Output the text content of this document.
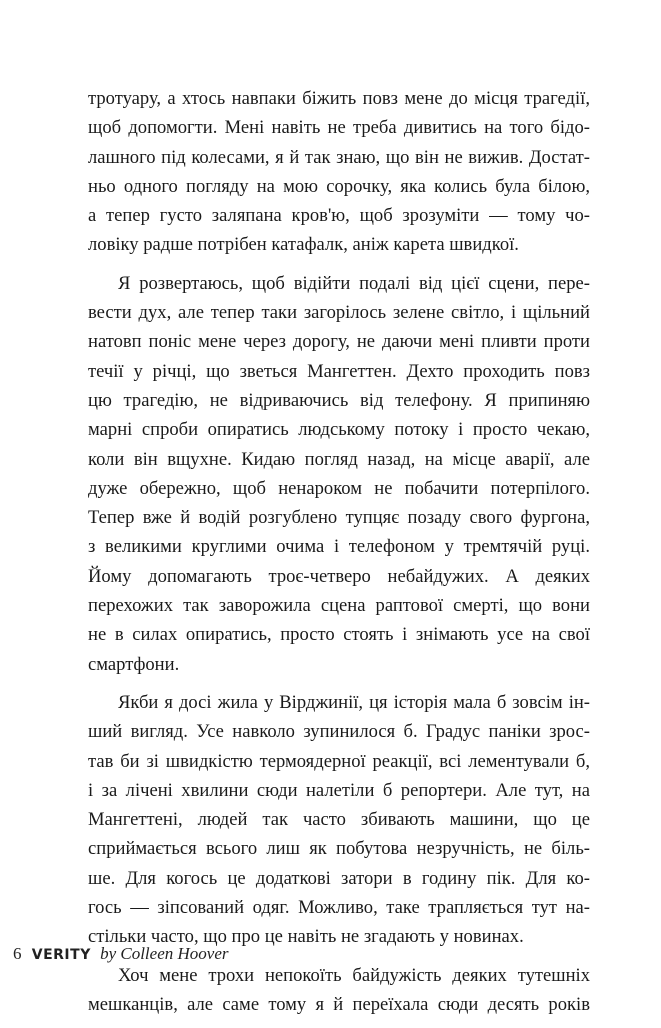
тротуару, а хтось навпаки біжить повз мене до місця трагедії,
щоб допомогти. Мені навіть не треба дивитись на того бідо-
лашного під колесами, я й так знаю, що він не вижив. Достат-
ньо одного погляду на мою сорочку, яка колись була білою,
а тепер густо заляпана кров'ю, щоб зрозуміти — тому чо-
ловіку радше потрібен катафалк, аніж карета швидкої.
Я розвертаюсь, щоб відійти подалі від цієї сцени, пере-
вести дух, але тепер таки загорілось зелене світло, і щільний
натовп поніс мене через дорогу, не даючи мені пливти проти
течії у річці, що зветься Мангеттен. Дехто проходить повз
цю трагедію, не відриваючись від телефону. Я припиняю
марні спроби опиратись людському потоку і просто чекаю,
коли він вщухне. Кидаю погляд назад, на місце аварії, але
дуже обережно, щоб ненароком не побачити потерпілого.
Тепер вже й водій розгублено тупцяє позаду свого фургона,
з великими круглими очима і телефоном у тремтячій руці.
Йому допомагають троє-четверо небайдужих. А деяких
перехожих так заворожила сцена раптової смерті, що вони
не в силах опиратись, просто стоять і знімають усе на свої
смартфони.
Якби я досі жила у Вірджинії, ця історія мала б зовсім ін-
ший вигляд. Усе навколо зупинилося б. Градус паніки зрос-
тав би зі швидкістю термоядерної реакції, всі лементували б,
і за лічені хвилини сюди налетіли б репортери. Але тут, на
Мангеттені, людей так часто збивають машини, що це
сприймається всього лиш як побутова незручність, не біль-
ше. Для когось це додаткові затори в годину пік. Для ко-
гось — зіпсований одяг. Можливо, таке трапляється тут на-
стільки часто, що про це навіть не згадають у новинах.
Хоч мене трохи непокоїть байдужість деяких тутешніх
мешканців, але саме тому я й переїхала сюди десять років
6 VERITY by Colleen Hoover
